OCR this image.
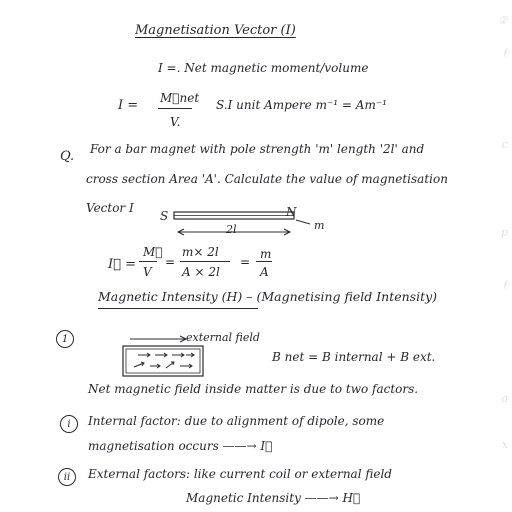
②
(
c
p
(
a
x
Magnetisation Vector (I)
I =. Net magnetic moment/volume
I = M⃗net
V.
S.I unit Ampere m⁻¹ = Am⁻¹
Q. For a bar magnet with pole strength 'm' length '2l' and
cross section Area 'A'. Calculate the value of magnetisation
Vector I
S	N
2l	m
I⃗ =
M⃗
V
=
m× 2l
A × 2l
=
m
A
Magnetic Intensity (H) – (Magnetising field Intensity)
1	external field
B net = B internal + B ext.
Net magnetic field inside matter is due to two factors.
i	Internal factor: due to alignment of dipole, some
magnetisation occurs ——→ I⃗
ii	External factors: like current coil or external field
Magnetic Intensity ——→ H⃗
